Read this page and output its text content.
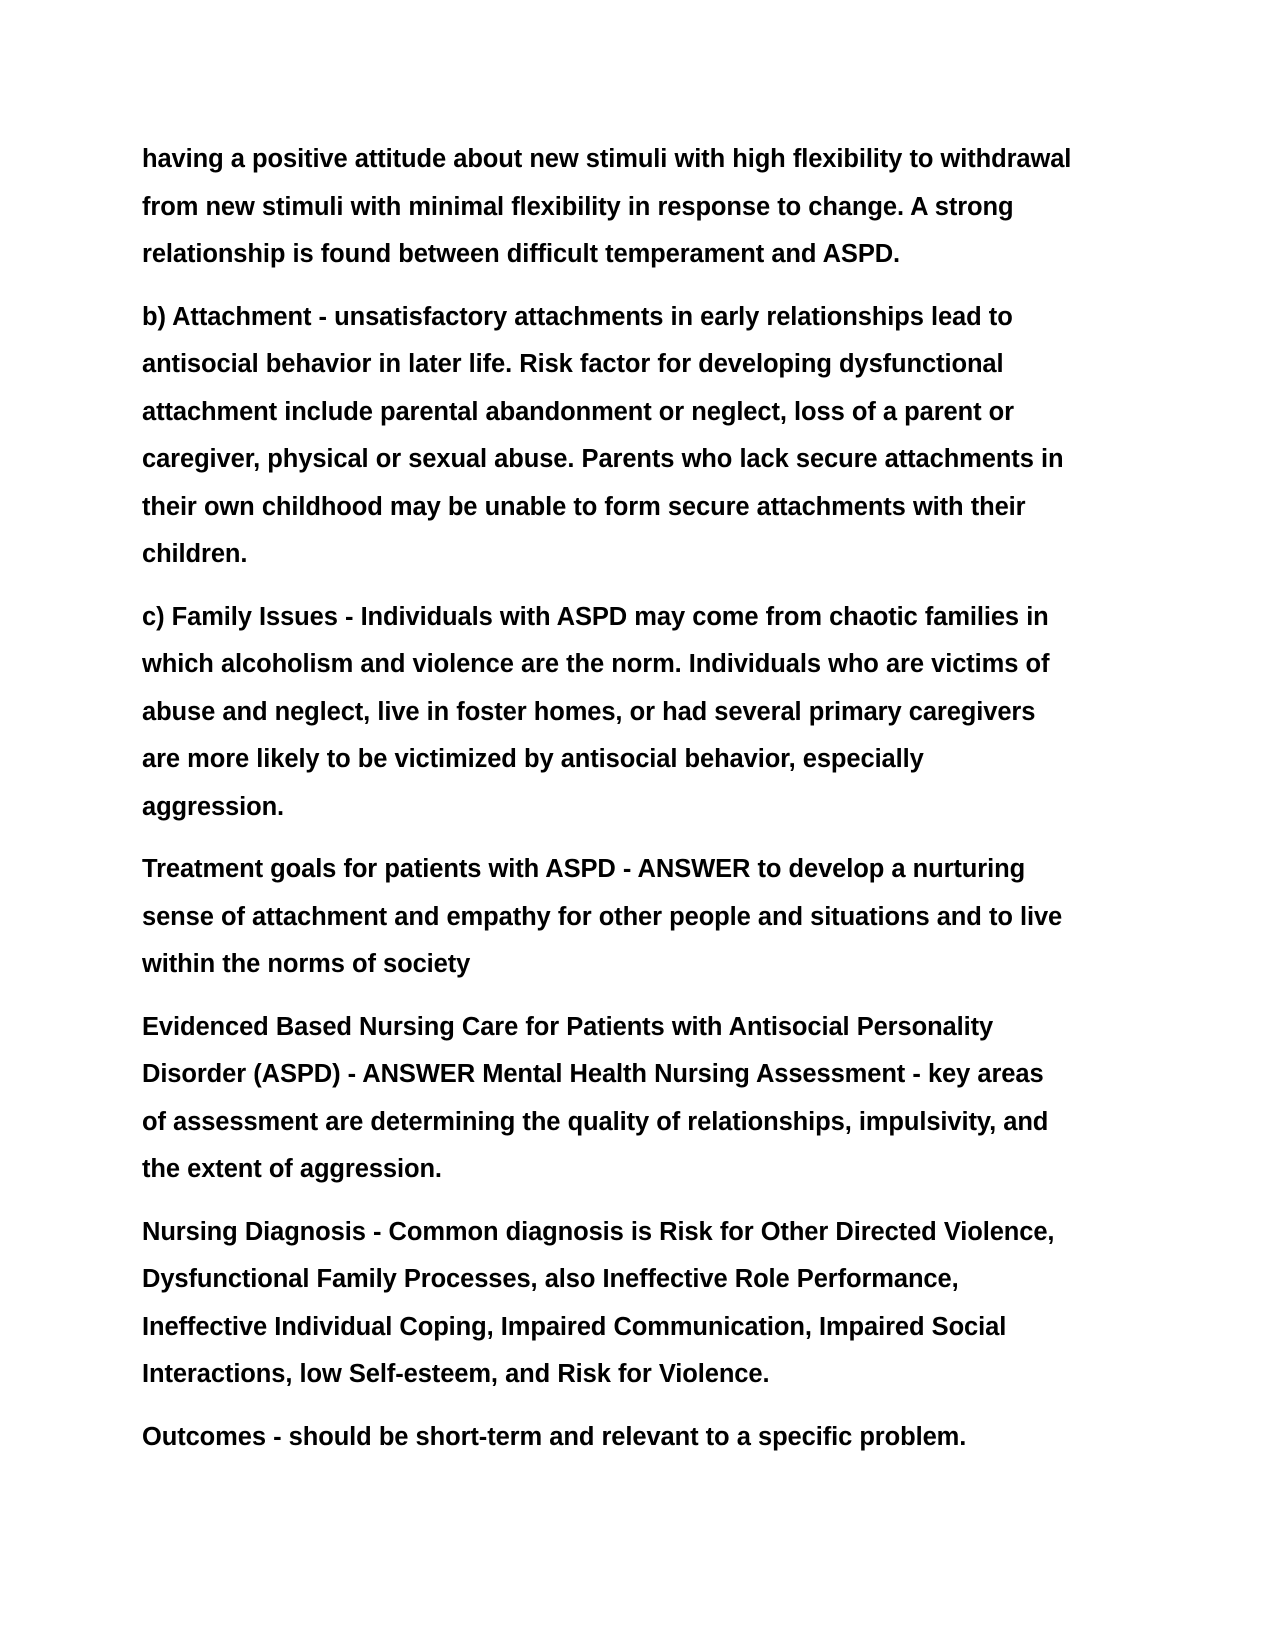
having a positive attitude about new stimuli with high flexibility to withdrawal from new stimuli with minimal flexibility in response to change. A strong relationship is found between difficult temperament and ASPD.

b) Attachment - unsatisfactory attachments in early relationships lead to antisocial behavior in later life. Risk factor for developing dysfunctional attachment include parental abandonment or neglect, loss of a parent or caregiver, physical or sexual abuse. Parents who lack secure attachments in their own childhood may be unable to form secure attachments with their children.

c) Family Issues - Individuals with ASPD may come from chaotic families in which alcoholism and violence are the norm. Individuals who are victims of abuse and neglect, live in foster homes, or had several primary caregivers are more likely to be victimized by antisocial behavior, especially aggression.

Treatment goals for patients with ASPD - ANSWER to develop a nurturing sense of attachment and empathy for other people and situations and to live within the norms of society

Evidenced Based Nursing Care for Patients with Antisocial Personality Disorder (ASPD) - ANSWER Mental Health Nursing Assessment - key areas of assessment are determining the quality of relationships, impulsivity, and the extent of aggression.

Nursing Diagnosis - Common diagnosis is Risk for Other Directed Violence, Dysfunctional Family Processes, also Ineffective Role Performance, Ineffective Individual Coping, Impaired Communication, Impaired Social Interactions, low Self-esteem, and Risk for Violence.

Outcomes - should be short-term and relevant to a specific problem.
